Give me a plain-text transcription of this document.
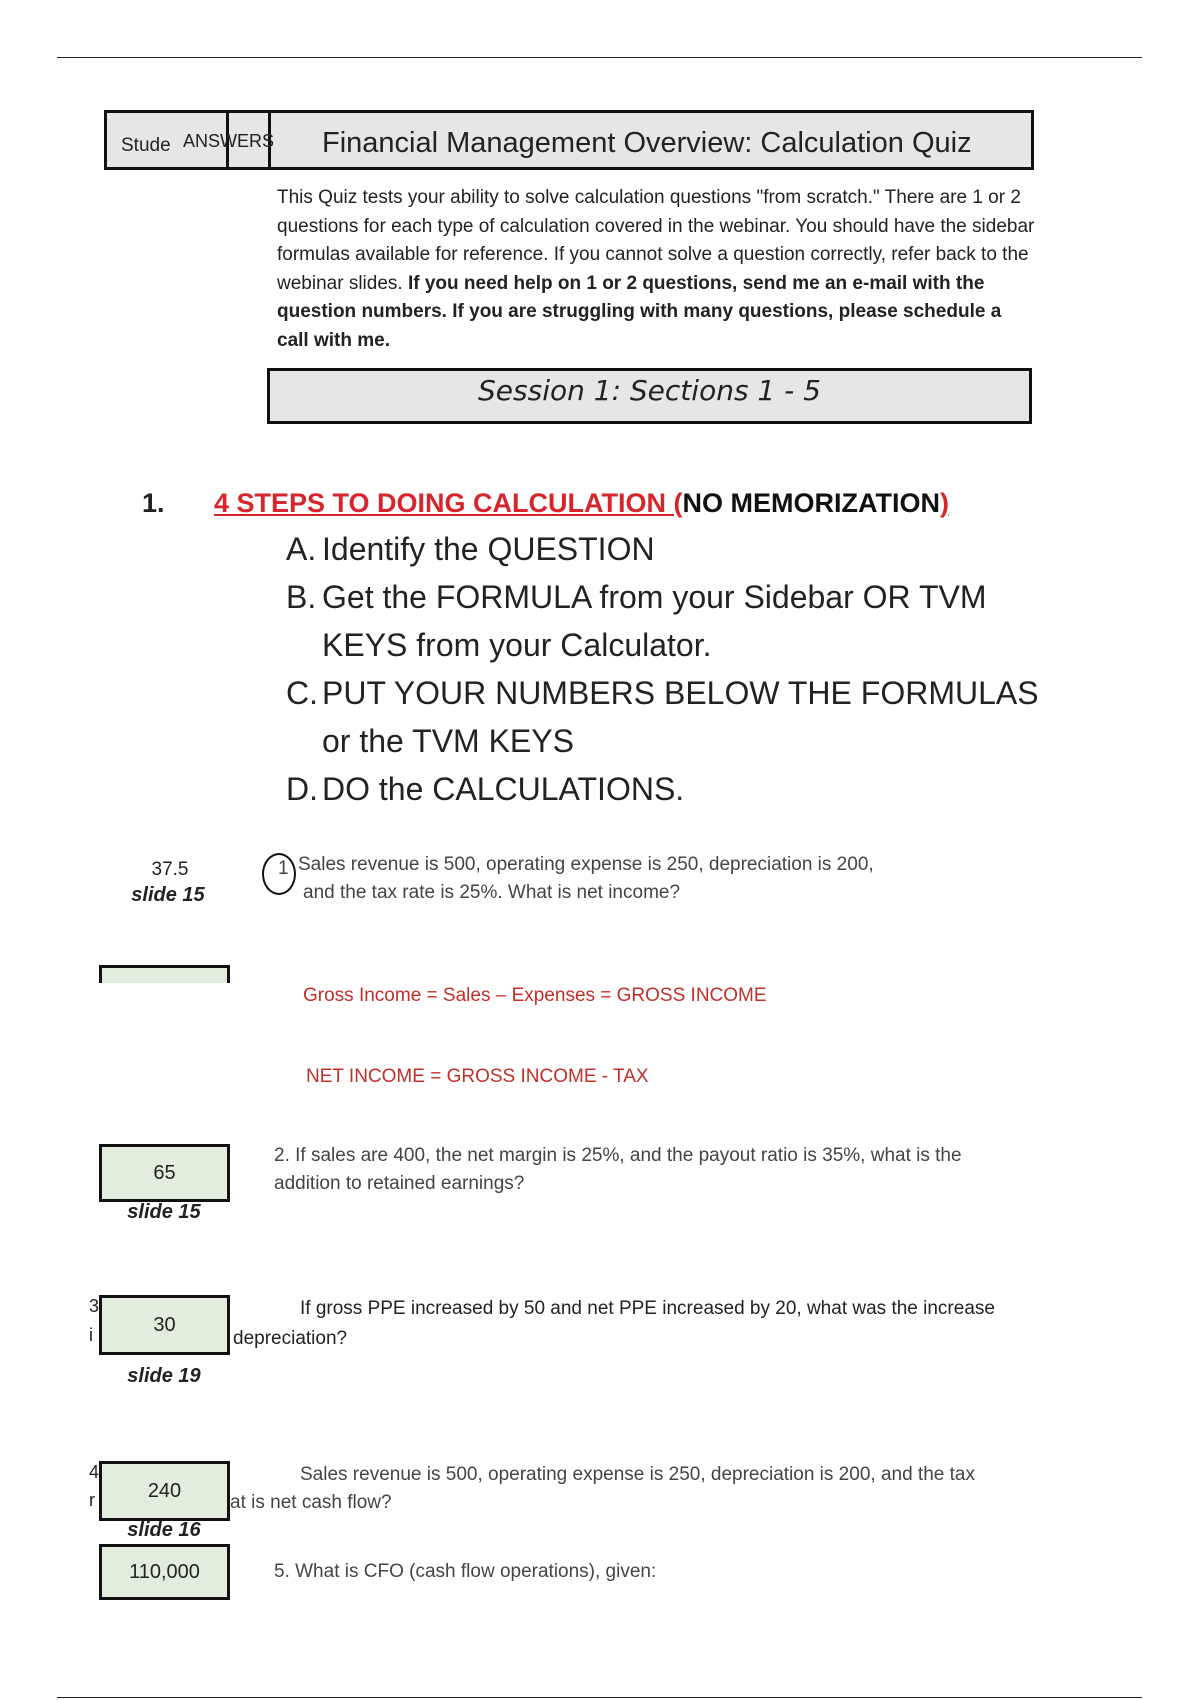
Stude ANSWERS Financial Management Overview: Calculation Quiz
This Quiz tests your ability to solve calculation questions "from scratch." There are 1 or 2 questions for each type of calculation covered in the webinar. You should have the sidebar formulas available for reference. If you cannot solve a question correctly, refer back to the webinar slides. If you need help on 1 or 2 questions, send me an e-mail with the question numbers. If you are struggling with many questions, please schedule a call with me.
Session 1: Sections 1 - 5
1. 4 STEPS TO DOING CALCULATION (NO MEMORIZATION)
A. Identify the QUESTION
B. Get the FORMULA from your Sidebar OR TVM KEYS from your Calculator.
C. PUT YOUR NUMBERS BELOW THE FORMULAS or the TVM KEYS
D. DO the CALCULATIONS.
37.5
slide 15
1 Sales revenue is 500, operating expense is 250, depreciation is 200,
and the tax rate is 25%. What is net income?
Gross Income = Sales – Expenses = GROSS INCOME
NET INCOME = GROSS INCOME - TAX
65
slide 15
2. If sales are 400, the net margin is 25%, and the payout ratio is 35%, what is the
addition to retained earnings?
3
i	30
slide 19
If gross PPE increased by 50 and net PPE increased by 20, what was the increase
depreciation?
4
r	240
slide 16
Sales revenue is 500, operating expense is 250, depreciation is 200, and the tax
at is net cash flow?
110,000	5. What is CFO (cash flow operations), given:
